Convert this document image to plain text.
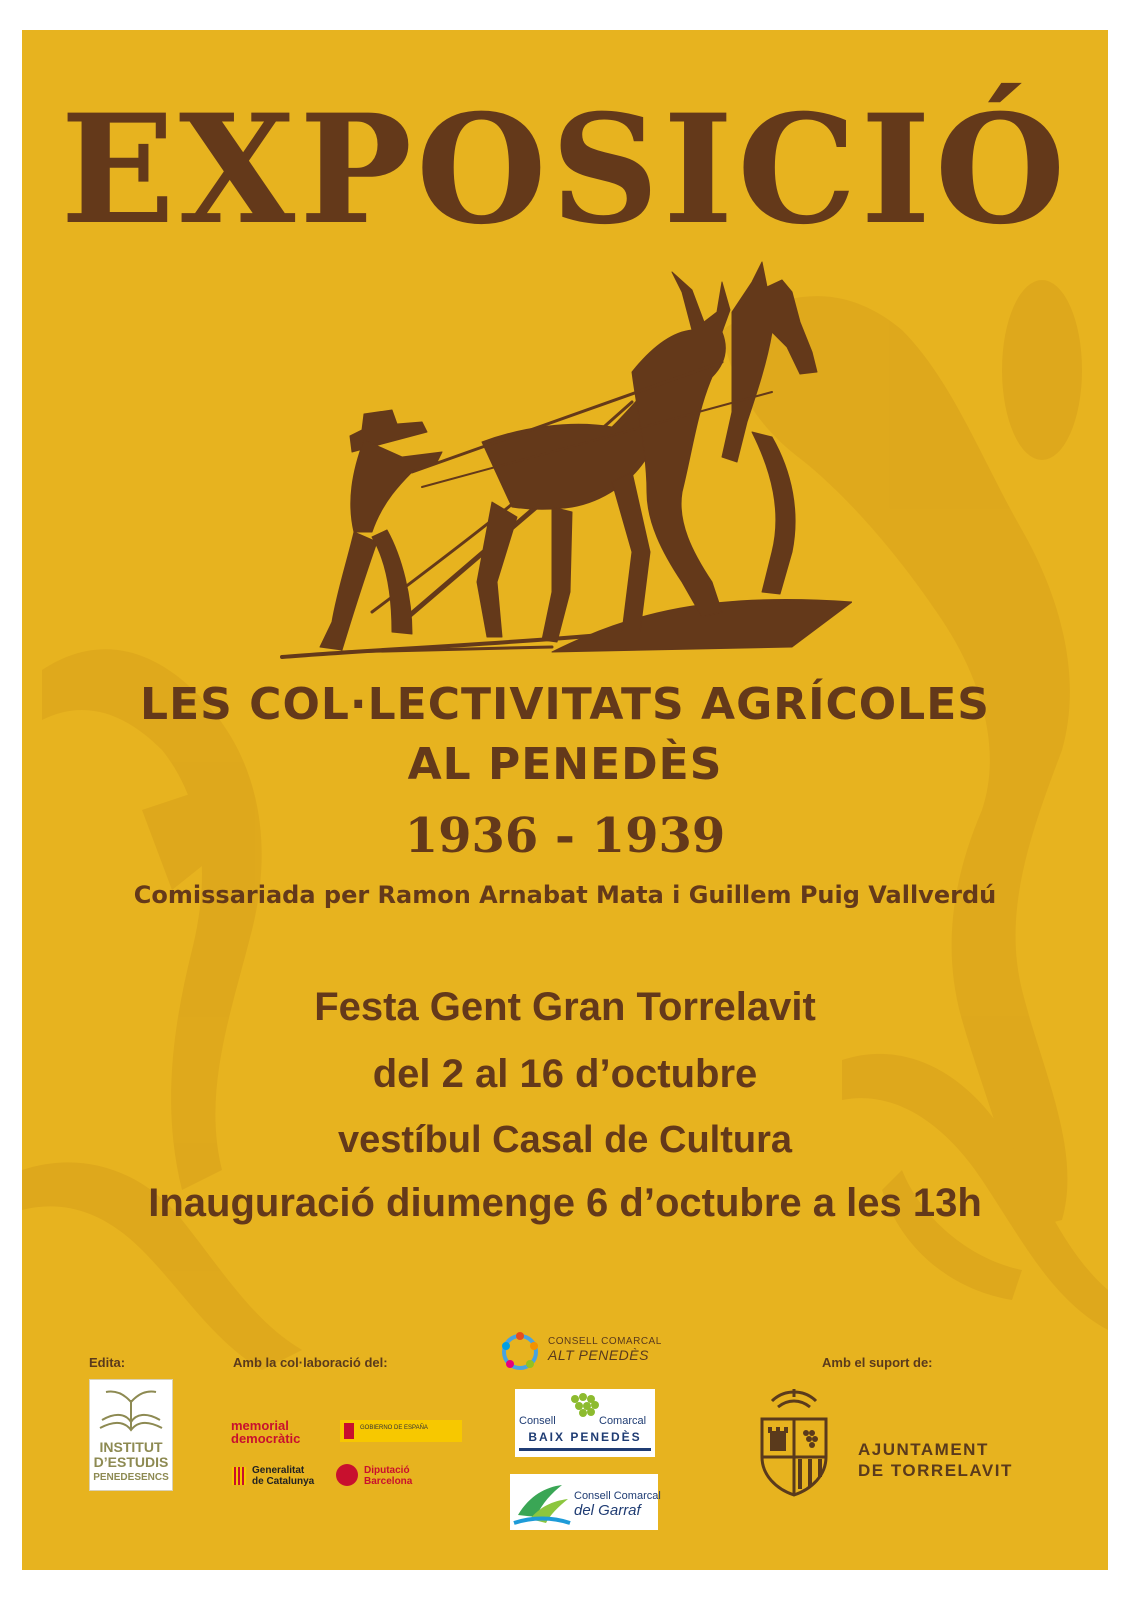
EXPOSICIÓ
LES COL·LECTIVITATS AGRÍCOLES
AL PENEDÈS
1936 - 1939
Comissariada per Ramon Arnabat Mata i Guillem Puig Vallverdú
Festa Gent Gran Torrelavit
del 2 al 16 d’octubre
vestíbul Casal de Cultura
Inauguració diumenge 6 d’octubre a les 13h
Edita:	Amb la col·laboració del:	Amb el suport de:
INSTITUT
D’ESTUDIS
PENEDESENCS
memorial
democràtic
GOBIERNO DE ESPAÑA
Generalitat
de Catalunya
Diputació
Barcelona
CONSELL COMARCAL
ALT PENEDÈS
Consell	Comarcal
BAIX PENEDÈS
Consell Comarcal
del Garraf
AJUNTAMENT
DE TORRELAVIT
